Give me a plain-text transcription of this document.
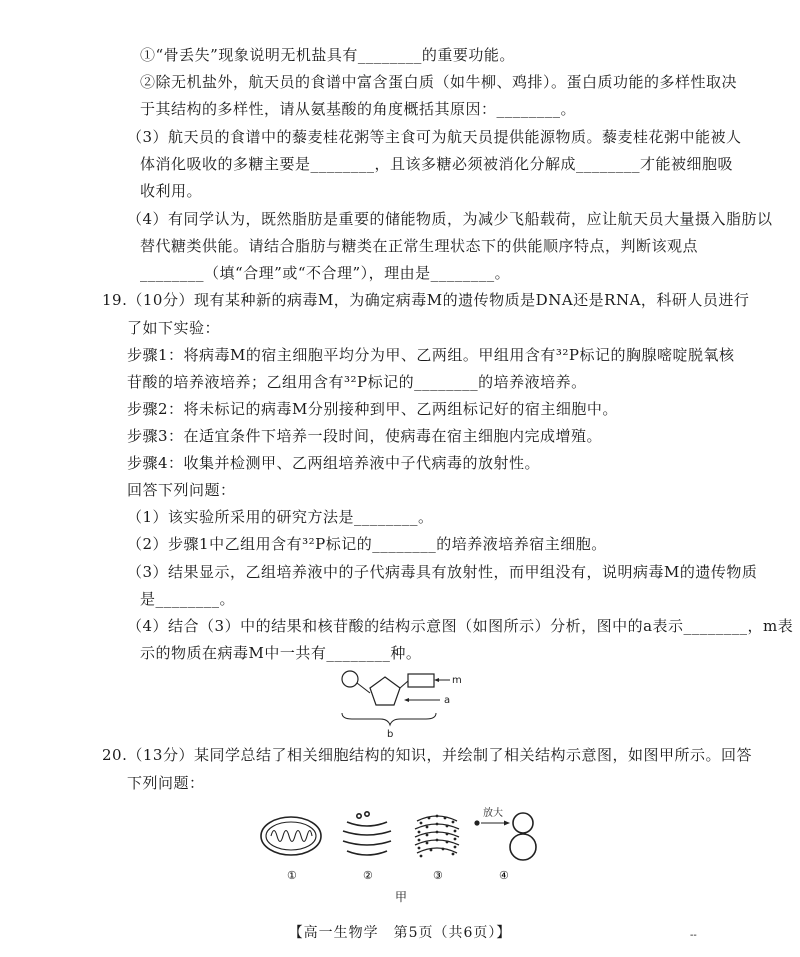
①“骨丢失”现象说明无机盐具有________的重要功能。
②除无机盐外，航天员的食谱中富含蛋白质（如牛柳、鸡排）。蛋白质功能的多样性取决
于其结构的多样性，请从氨基酸的角度概括其原因：________。
（3）航天员的食谱中的藜麦桂花粥等主食可为航天员提供能源物质。藜麦桂花粥中能被人
体消化吸收的多糖主要是________，且该多糖必须被消化分解成________才能被细胞吸
收利用。
（4）有同学认为，既然脂肪是重要的储能物质，为减少飞船载荷，应让航天员大量摄入脂肪以
替代糖类供能。请结合脂肪与糖类在正常生理状态下的供能顺序特点，判断该观点
________（填“合理”或“不合理”），理由是________。
19.（10分）现有某种新的病毒M，为确定病毒M的遗传物质是DNA还是RNA，科研人员进行
了如下实验：
步骤1：将病毒M的宿主细胞平均分为甲、乙两组。甲组用含有³²P标记的胸腺嘧啶脱氧核
苷酸的培养液培养；乙组用含有³²P标记的________的培养液培养。
步骤2：将未标记的病毒M分别接种到甲、乙两组标记好的宿主细胞中。
步骤3：在适宜条件下培养一段时间，使病毒在宿主细胞内完成增殖。
步骤4：收集并检测甲、乙两组培养液中子代病毒的放射性。
回答下列问题：
（1）该实验所采用的研究方法是________。
（2）步骤1中乙组用含有³²P标记的________的培养液培养宿主细胞。
（3）结果显示，乙组培养液中的子代病毒具有放射性，而甲组没有，说明病毒M的遗传物质
是________。
（4）结合（3）中的结果和核苷酸的结构示意图（如图所示）分析，图中的a表示________，m表
示的物质在病毒M中一共有________种。
m
a
b
20.（13分）某同学总结了相关细胞结构的知识，并绘制了相关结构示意图，如图甲所示。回答
下列问题：
放大
①	②	③	④
甲
【高一生物学　第5页（共6页）】	--
